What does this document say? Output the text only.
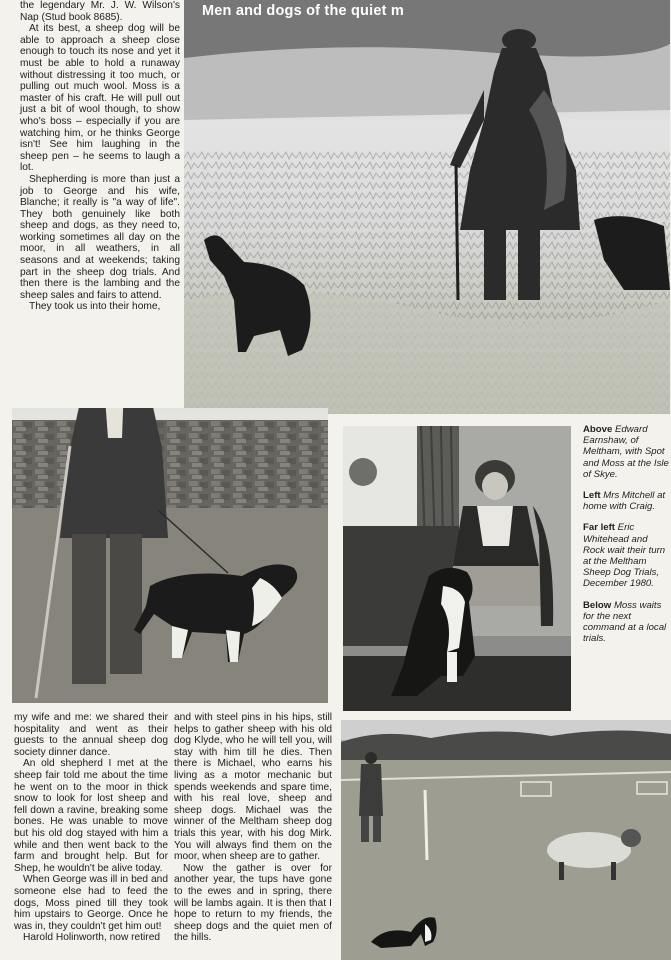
the legendary Mr. J. W. Wilson's Nap (Stud book 8685).

At its best, a sheep dog will be able to approach a sheep close enough to touch its nose and yet it must be able to hold a runaway without distressing it too much, or pulling out much wool. Moss is a master of his craft. He will pull out just a bit of wool though, to show who's boss – especially if you are watching him, or he thinks George isn't! See him laughing in the sheep pen – he seems to laugh a lot.

Shepherding is more than just a job to George and his wife, Blanche; it really is "a way of life". They both genuinely like both sheep and dogs, as they need to, working sometimes all day on the moor, in all weathers, in all seasons and at weekends; taking part in the sheep dog trials. And then there is the lambing and the sheep sales and fairs to attend.

They took us into their home,

Men and dogs of the quiet m

Above Edward Earnshaw, of Meltham, with Spot and Moss at the Isle of Skye.

Left Mrs Mitchell at home with Craig.

Far left Eric Whitehead and Rock wait their turn at the Meltham Sheep Dog Trials, December 1980.

Below Moss waits for the next command at a local trials.

my wife and me: we shared their hospitality and went as their guests to the annual sheep dog society dinner dance.

An old shepherd I met at the sheep fair told me about the time he went on to the moor in thick snow to look for lost sheep and fell down a ravine, breaking some bones. He was unable to move but his old dog stayed with him a while and then went back to the farm and brought help. But for Shep, he wouldn't be alive today.

When George was ill in bed and someone else had to feed the dogs, Moss pined till they took him upstairs to George. Once he was in, they couldn't get him out!

Harold Holinworth, now retired

and with steel pins in his hips, still helps to gather sheep with his old dog Klyde, who he will tell you, will stay with him till he dies. Then there is Michael, who earns his living as a motor mechanic but spends weekends and spare time, with his real love, sheep and sheep dogs. Michael was the winner of the Meltham sheep dog trials this year, with his dog Mirk. You will always find them on the moor, when sheep are to gather.

Now the gather is over for another year, the tups have gone to the ewes and in spring, there will be lambs again. It is then that I hope to return to my friends, the sheep dogs and the quiet men of the hills.
